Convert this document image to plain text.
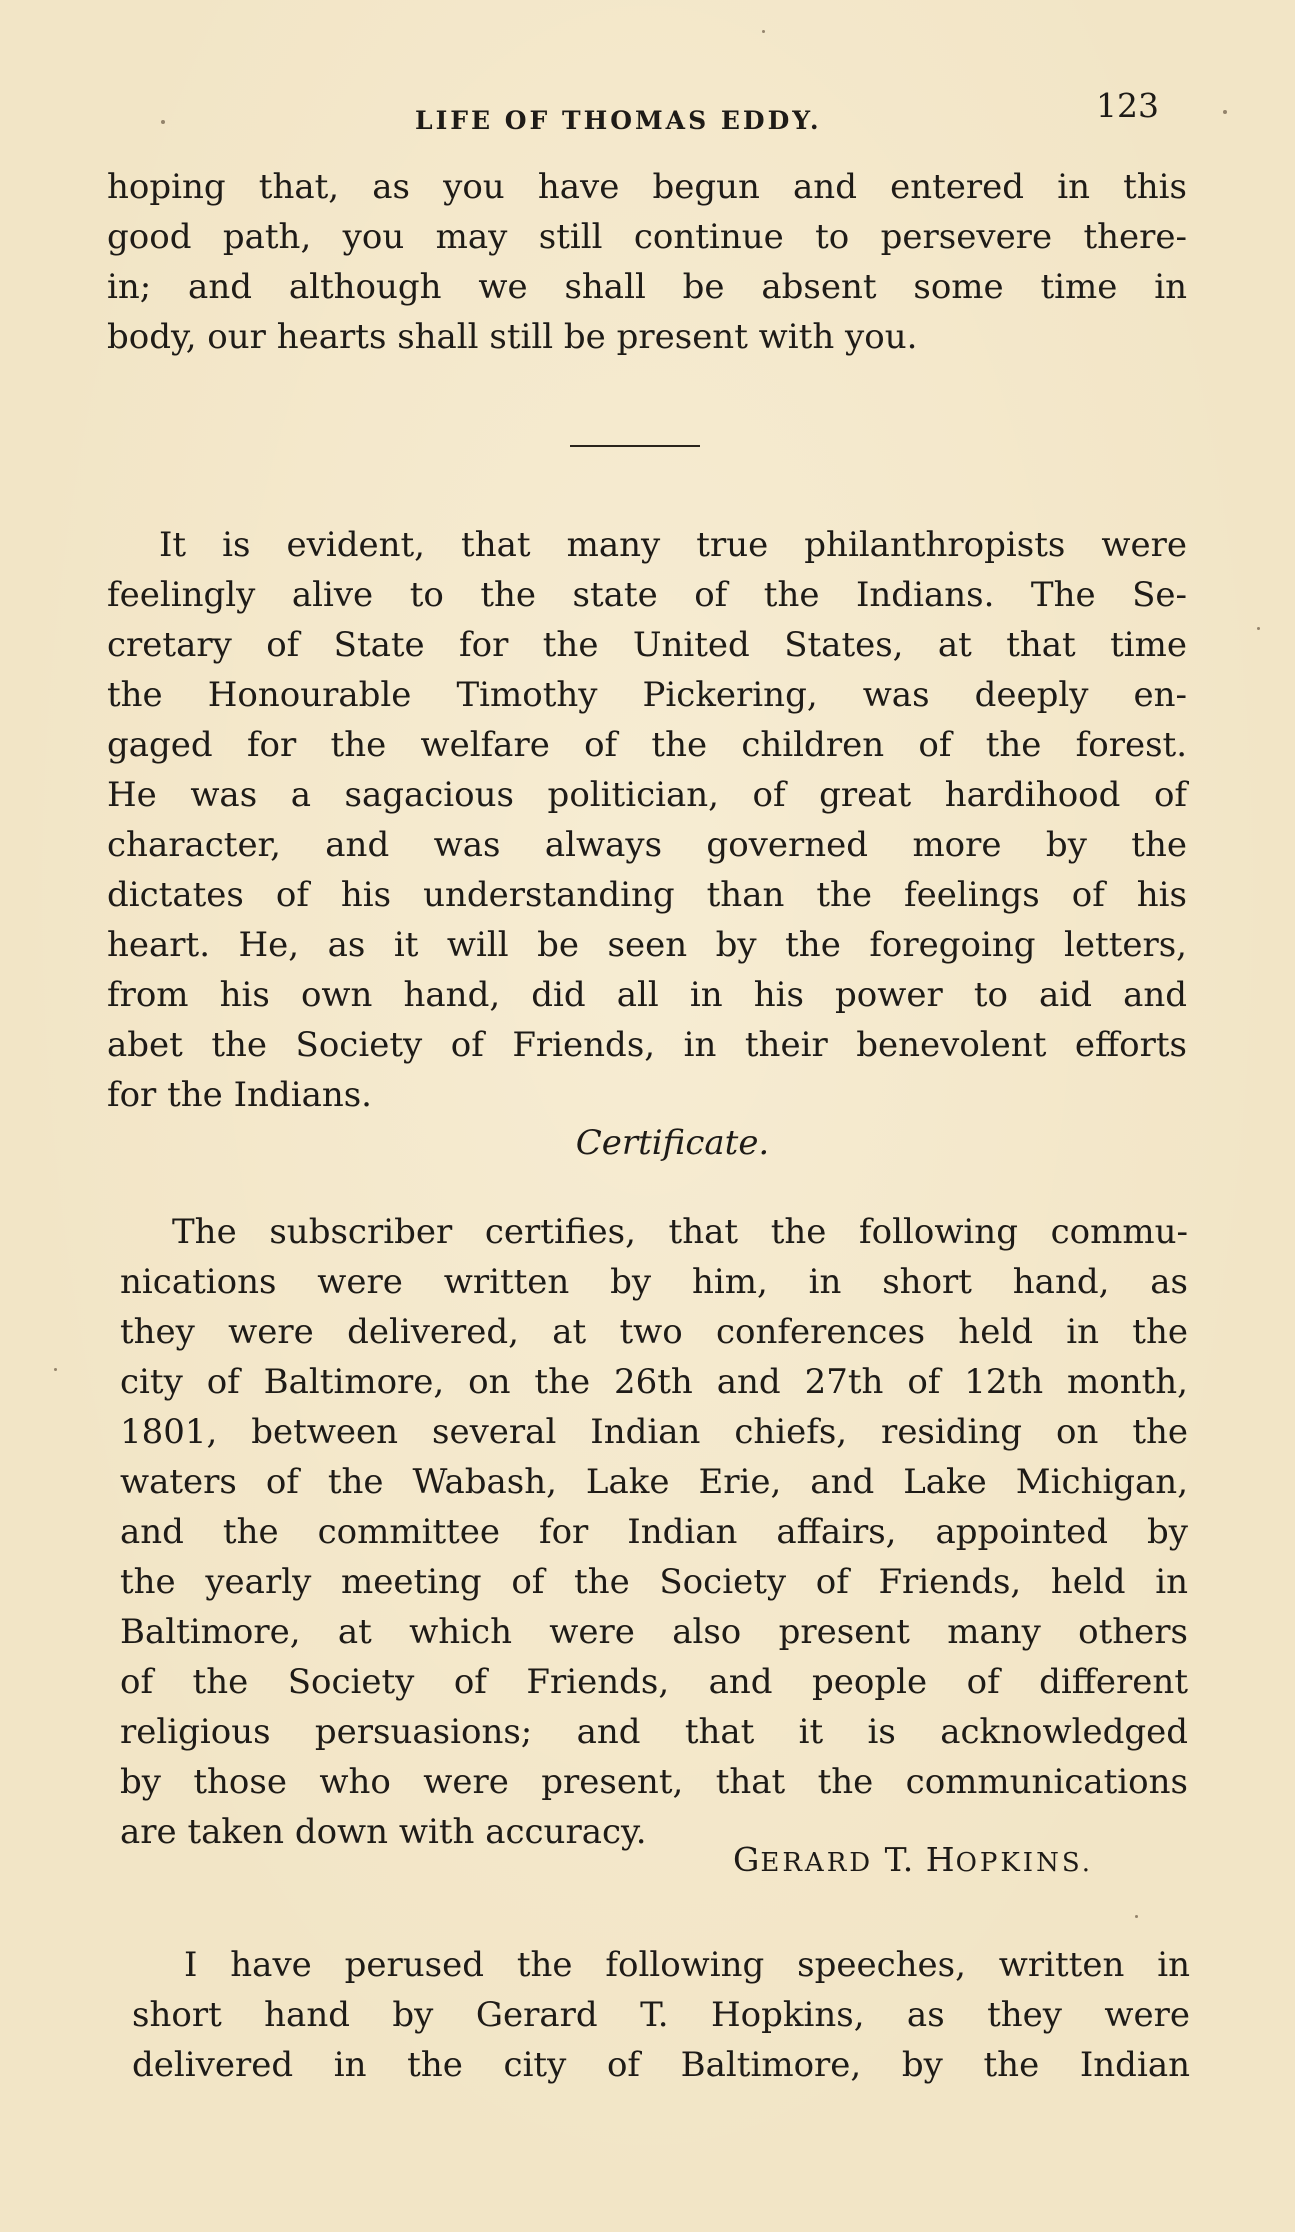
LIFE OF THOMAS EDDY.	123
hoping that, as you have begun and entered in this
good path, you may still continue to persevere there-
in; and although we shall be absent some time in
body, our hearts shall still be present with you.
It is evident, that many true philanthropists were
feelingly alive to the state of the Indians. The Se-
cretary of State for the United States, at that time
the Honourable Timothy Pickering, was deeply en-
gaged for the welfare of the children of the forest.
He was a sagacious politician, of great hardihood of
character, and was always governed more by the
dictates of his understanding than the feelings of his
heart. He, as it will be seen by the foregoing letters,
from his own hand, did all in his power to aid and
abet the Society of Friends, in their benevolent efforts
for the Indians.
Certificate.
The subscriber certifies, that the following commu-
nications were written by him, in short hand, as
they were delivered, at two conferences held in the
city of Baltimore, on the 26th and 27th of 12th month,
1801, between several Indian chiefs, residing on the
waters of the Wabash, Lake Erie, and Lake Michigan,
and the committee for Indian affairs, appointed by
the yearly meeting of the Society of Friends, held in
Baltimore, at which were also present many others
of the Society of Friends, and people of different
religious persuasions; and that it is acknowledged
by those who were present, that the communications
are taken down with accuracy.
GERARD T. HOPKINS.
I have perused the following speeches, written in
short hand by Gerard T. Hopkins, as they were
delivered in the city of Baltimore, by the Indian
